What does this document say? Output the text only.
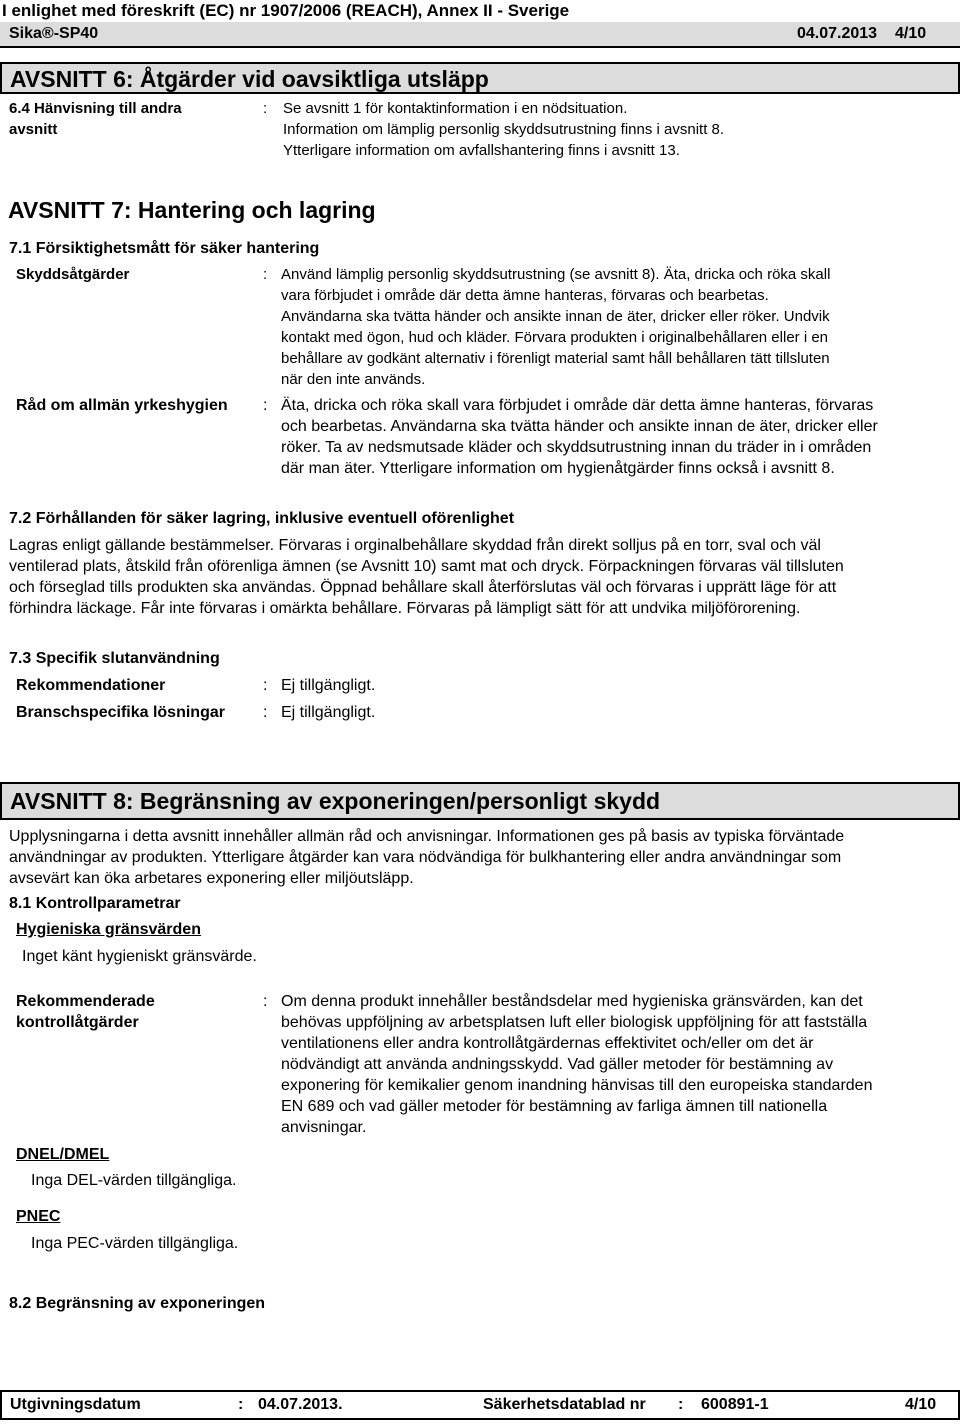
I enlighet med föreskrift (EC) nr 1907/2006 (REACH), Annex II - Sverige
Sika®-SP40	04.07.2013 4/10
AVSNITT 6: Åtgärder vid oavsiktliga utsläpp
6.4 Hänvisning till andra
avsnitt
: Se avsnitt 1 för kontaktinformation i en nödsituation.
Information om lämplig personlig skyddsutrustning finns i avsnitt 8.
Ytterligare information om avfallshantering finns i avsnitt 13.
AVSNITT 7: Hantering och lagring
7.1 Försiktighetsmått för säker hantering
Skyddsåtgärder	: Använd lämplig personlig skyddsutrustning (se avsnitt 8). Äta, dricka och röka skall
vara förbjudet i område där detta ämne hanteras, förvaras och bearbetas.
Användarna ska tvätta händer och ansikte innan de äter, dricker eller röker. Undvik
kontakt med ögon, hud och kläder. Förvara produkten i originalbehållaren eller i en
behållare av godkänt alternativ i förenligt material samt håll behållaren tätt tillsluten
när den inte används.
Råd om allmän yrkeshygien : Äta, dricka och röka skall vara förbjudet i område där detta ämne hanteras, förvaras
och bearbetas. Användarna ska tvätta händer och ansikte innan de äter, dricker eller
röker. Ta av nedsmutsade kläder och skyddsutrustning innan du träder in i områden
där man äter. Ytterligare information om hygienåtgärder finns också i avsnitt 8.
7.2 Förhållanden för säker lagring, inklusive eventuell oförenlighet
Lagras enligt gällande bestämmelser. Förvaras i orginalbehållare skyddad från direkt solljus på en torr, sval och väl
ventilerad plats, åtskild från oförenliga ämnen (se Avsnitt 10) samt mat och dryck. Förpackningen förvaras väl tillsluten
och förseglad tills produkten ska användas. Öppnad behållare skall återförslutas väl och förvaras i upprätt läge för att
förhindra läckage. Får inte förvaras i omärkta behållare. Förvaras på lämpligt sätt för att undvika miljöförorening.
7.3 Specifik slutanvändning
Rekommendationer	: Ej tillgängligt.
Branschspecifika lösningar : Ej tillgängligt.
AVSNITT 8: Begränsning av exponeringen/personligt skydd
Upplysningarna i detta avsnitt innehåller allmän råd och anvisningar. Informationen ges på basis av typiska förväntade
användningar av produkten. Ytterligare åtgärder kan vara nödvändiga för bulkhantering eller andra användningar som
avsevärt kan öka arbetares exponering eller miljöutsläpp.
8.1 Kontrollparametrar
Hygieniska gränsvärden
Inget känt hygieniskt gränsvärde.
Rekommenderade
kontrollåtgärder
: Om denna produkt innehåller beståndsdelar med hygieniska gränsvärden, kan det
behövas uppföljning av arbetsplatsen luft eller biologisk uppföljning för att fastställa
ventilationens eller andra kontrollåtgärdernas effektivitet och/eller om det är
nödvändigt att använda andningsskydd. Vad gäller metoder för bestämning av
exponering för kemikalier genom inandning hänvisas till den europeiska standarden
EN 689 och vad gäller metoder för bestämning av farliga ämnen till nationella
anvisningar.
DNEL/DMEL
Inga DEL-värden tillgängliga.
PNEC
Inga PEC-värden tillgängliga.
8.2 Begränsning av exponeringen
Utgivningsdatum	: 04.07.2013.	Säkerhetsdatablad nr : 600891-1	4/10
